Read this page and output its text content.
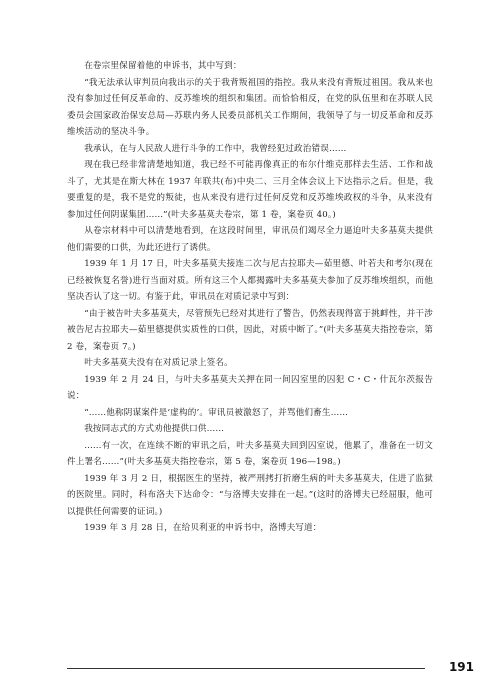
在卷宗里保留着他的申诉书，其中写到：

“我无法承认审判员向我出示的关于我背叛祖国的指控。我从来没有背叛过祖国。我从来也没有参加过任何反革命的、反苏维埃的组织和集团。而恰恰相反，在党的队伍里和在苏联人民委员会国家政治保安总局—苏联内务人民委员部机关工作期间，我领导了与一切反革命和反苏维埃活动的坚决斗争。

我承认，在与人民敌人进行斗争的工作中，我曾经犯过政治错误……

现在我已经非常清楚地知道，我已经不可能再像真正的布尔什维克那样去生活、工作和战斗了，尤其是在斯大林在 1937 年联共(布)中央二、三月全体会议上下达指示之后。但是，我要重复的是，我不是党的叛徒，也从来没有进行过任何反党和反苏维埃政权的斗争，从来没有参加过任何阴谋集团……”(叶夫多基莫夫卷宗，第 1 卷，案卷页 40。)

从卷宗材料中可以清楚地看到，在这段时间里，审讯员们竭尽全力逼迫叶夫多基莫夫提供他们需要的口供，为此还进行了诱供。

1939 年 1 月 17 日，叶夫多基莫夫接连二次与尼古拉耶夫—茹里德、叶若夫和考尔(现在已经被恢复名誉)进行当面对质。所有这三个人都揭露叶夫多基莫夫参加了反苏维埃组织，而他坚决否认了这一切。有鉴于此，审讯员在对质记录中写到：

“由于被告叶夫多基莫夫，尽管预先已经对其进行了警告，仍然表现得富于挑衅性，并干涉被告尼古拉耶夫—茹里德提供实质性的口供，因此，对质中断了。”(叶夫多基莫夫指控卷宗，第 2 卷，案卷页 7。)

叶夫多基莫夫没有在对质记录上签名。

1939 年 2 月 24 日，与叶夫多基莫夫关押在同一间囚室里的囚犯 C・C・什瓦尔茨报告说：

“……他称阴谋案件是‘虚构的’。审讯员被激怒了，并骂他们畜生……

我按同志式的方式劝他提供口供……

……有一次，在连续不断的审讯之后，叶夫多基莫夫回到囚室说，他累了，准备在一切文件上署名……”(叶夫多基莫夫指控卷宗，第 5 卷，案卷页 196—198。)

1939 年 3 月 2 日，根据医生的坚持，被严刑拷打折磨生病的叶夫多基莫夫，住进了监狱的医院里。同时，科布洛夫下达命令：“与洛博夫安排在一起。”(这时的洛博夫已经屈服，他可以提供任何需要的证词。)

1939 年 3 月 28 日，在给贝利亚的申诉书中，洛博夫写道：

191
